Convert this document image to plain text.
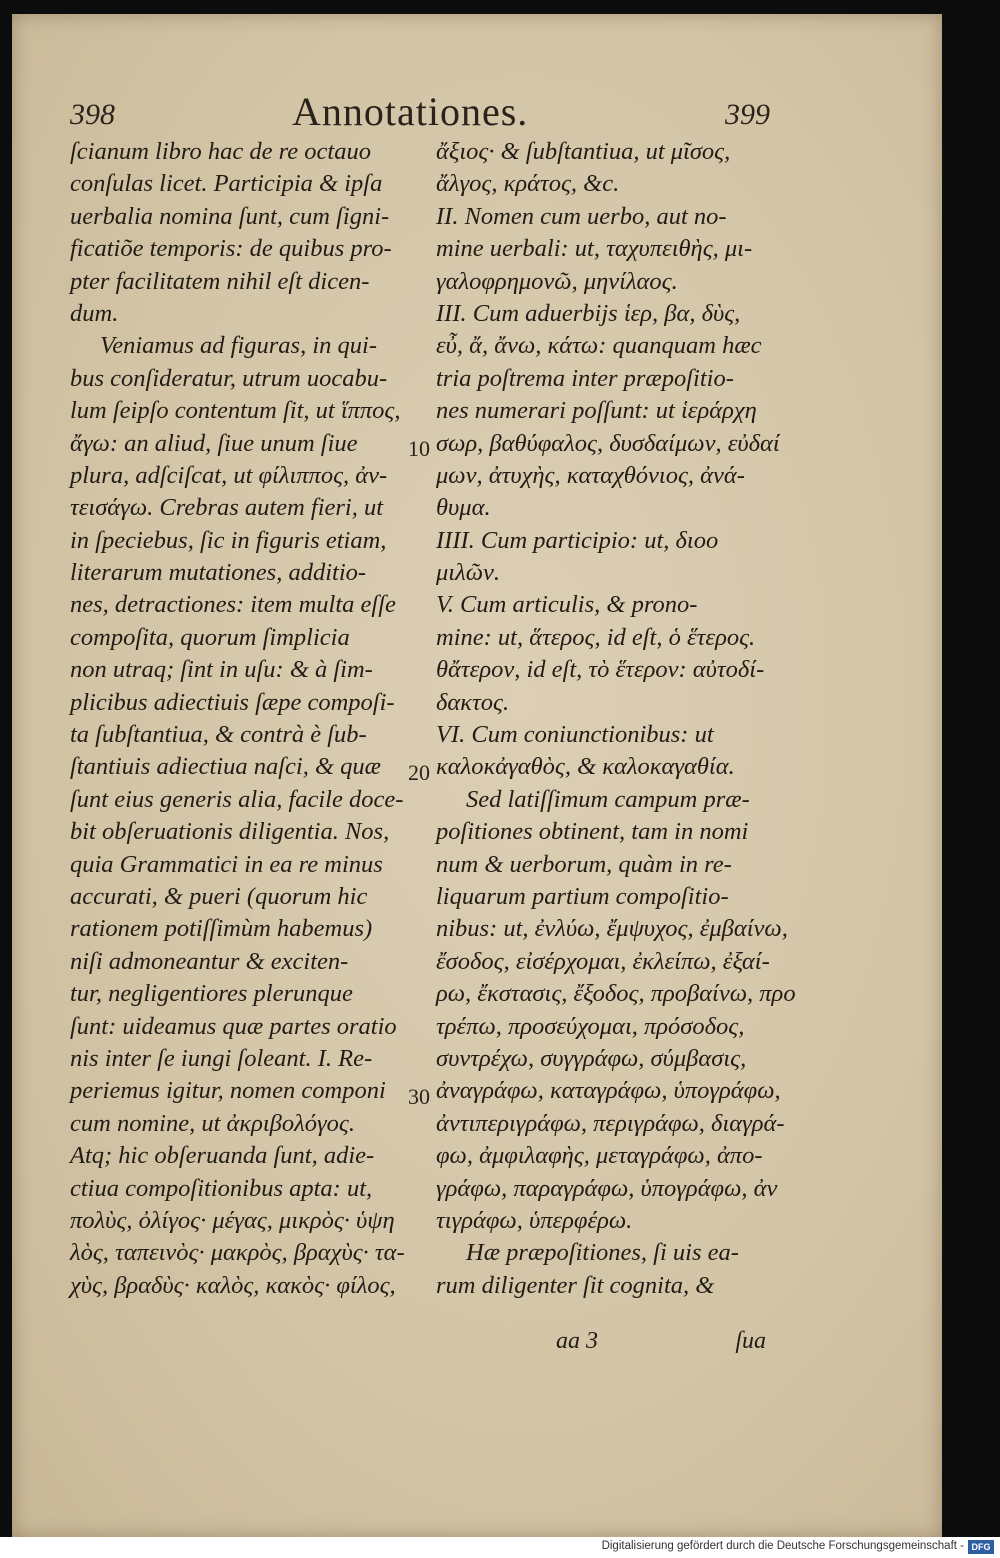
398	Annotationes.	399
ſcianum libro hac de re octauo
conſulas licet. Participia & ipſa
uerbalia nomina ſunt, cum ſigni-
ficatiõe temporis: de quibus pro-
pter facilitatem nihil eſt dicen-
dum.
Veniamus ad figuras, in qui-
bus conſideratur, utrum uocabu-
lum ſeipſo contentum ſit, ut ἵππος,
ἄγω: an aliud, ſiue unum ſiue
plura, adſciſcat, ut φίλιππος, ἀν-
τεισάγω. Crebras autem fieri, ut
in ſpeciebus, ſic in figuris etiam,
literarum mutationes, additio-
nes, detractiones: item multa eſſe
compoſita, quorum ſimplicia
non utraq; ſint in uſu: & à ſim-
plicibus adiectiuis ſæpe compoſi-
ta ſubſtantiua, & contrà è ſub-
ſtantiuis adiectiua naſci, & quæ
ſunt eius generis alia, facile doce-
bit obſeruationis diligentia. Nos,
quia Grammatici in ea re minus
accurati, & pueri (quorum hic
rationem potiſſimùm habemus)
niſi admoneantur & exciten-
tur, negligentiores plerunque
ſunt: uideamus quæ partes oratio
nis inter ſe iungi ſoleant. I. Re-
periemus igitur, nomen componi
cum nomine, ut ἀκριβολόγος.
Atq; hic obſeruanda ſunt, adie-
ctiua compoſitionibus apta: ut,
πολὺς, ὀλίγος· μέγας, μικρὸς· ὑψη
λὸς, ταπεινὸς· μακρὸς, βραχὺς· τα-
χὺς, βραδὺς· καλὸς, κακὸς· φίλος,
ἄξιος· & ſubſtantiua, ut μῖσος,
ἄλγος, κράτος, &c.
II. Nomen cum uerbo, aut no-
mine uerbali: ut, ταχυπειθὴς, μι-
γαλοφρημονῶ, μηνίλαος.
III. Cum aduerbijs ἱερ, βα, δὺς,
εὖ, ἄ, ἄνω, κάτω: quanquam hæc
tria poſtrema inter præpoſitio-
nes numerari poſſunt: ut ἱεράρχη
σωρ, βαθύφαλος, δυσδαίμων, εὐδαί
μων, ἀτυχὴς, καταχθόνιος, ἀνά-
θυμα.
IIII. Cum participio: ut, διοο
μιλῶν.
V. Cum articulis, & prono-
mine: ut, ἅτερος, id eſt, ὁ ἕτερος.
θἄτερον, id eſt, τὸ ἕτερον: αὐτοδί-
δακτος.
VI. Cum coniunctionibus: ut
καλοκἀγαθὸς, & καλοκαγαθία.
Sed latiſſimum campum præ-
poſitiones obtinent, tam in nomi
num & uerborum, quàm in re-
liquarum partium compoſitio-
nibus: ut, ἐνλύω, ἔμψυχος, ἐμβαίνω,
ἔσοδος, εἰσέρχομαι, ἐκλείπω, ἐξαί-
ρω, ἔκστασις, ἔξοδος, προβαίνω, προ
τρέπω, προσεύχομαι, πρόσοδος,
συντρέχω, συγγράφω, σύμβασις,
ἀναγράφω, καταγράφω, ὑπογράφω,
ἀντιπεριγράφω, περιγράφω, διαγρά-
φω, ἀμφιλαφὴς, μεταγράφω, ἀπο-
γράφω, παραγράφω, ὑπογράφω, ἀν
τιγράφω, ὑπερφέρω.
Hæ præpoſitiones, ſi uis ea-
rum diligenter ſit cognita, &
10
20
30
aa 3	ſua
Digitalisierung gefördert durch die Deutsche Forschungsgemeinschaft - DFG
